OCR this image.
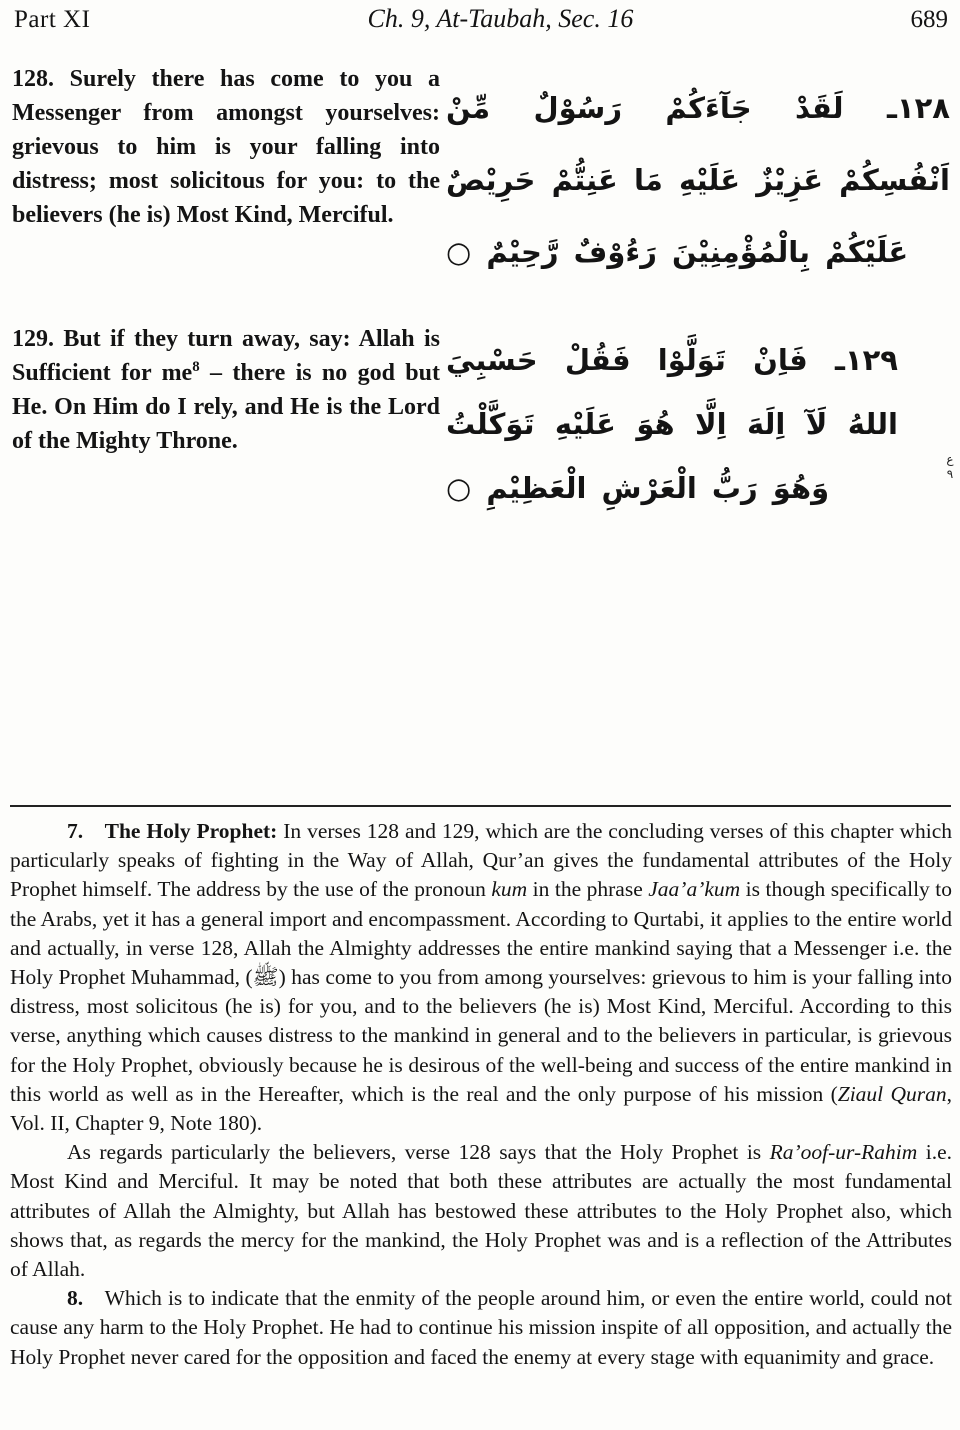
Part XI	Ch. 9, At-Taubah, Sec. 16	689
128. Surely there has come to you a Messenger from amongst yourselves: grievous to him is your falling into distress; most solicitous for you: to the believers (he is) Most Kind, Merciful.
١٢٨ـ لَقَدْ جَآءَكُمْ رَسُوْلٌ مِّنْ اَنْفُسِكُمْ عَزِيْزٌ عَلَيْهِ مَا عَنِتُّمْ حَرِيْصٌ عَلَيْكُمْ بِالْمُؤْمِنِيْنَ رَءُوْفٌ رَّحِيْمٌ ○
129. But if they turn away, say: Allah is Sufficient for $me^8$ – there is no god but He. On Him do I rely, and He is the Lord of the Mighty Throne.
١٢٩ـ فَاِنْ تَوَلَّوْا فَقُلْ حَسْبِيَ اللهُ لَآ اِلَهَ اِلَّا هُوَ عَلَيْهِ تَوَكَّلْتُ وَهُوَ رَبُّ الْعَرْشِ الْعَظِيْمِ ○
ع
٩

7. The Holy Prophet: In verses 128 and 129, which are the concluding verses of this chapter which particularly speaks of fighting in the Way of Allah, Qur’an gives the fundamental attributes of the Holy Prophet himself. The address by the use of the pronoun kum in the phrase Jaa’a’kum is though specifically to the Arabs, yet it has a general import and encompassment. According to Qurtabi, it applies to the entire world and actually, in verse 128, Allah the Almighty addresses the entire mankind saying that a Messenger i.e. the Holy Prophet Muhammad, (ﷺ) has come to you from among yourselves: grievous to him is your falling into distress, most solicitous (he is) for you, and to the believers (he is) Most Kind, Merciful. According to this verse, anything which causes distress to the mankind in general and to the believers in particular, is grievous for the Holy Prophet, obviously because he is desirous of the well-being and success of the entire mankind in this world as well as in the Hereafter, which is the real and the only purpose of his mission (Ziaul Quran, Vol. II, Chapter 9, Note 180).

As regards particularly the believers, verse 128 says that the Holy Prophet is Ra’oof-ur-Rahim i.e. Most Kind and Merciful. It may be noted that both these attributes are actually the most fundamental attributes of Allah the Almighty, but Allah has bestowed these attributes to the Holy Prophet also, which shows that, as regards the mercy for the mankind, the Holy Prophet was and is a reflection of the Attributes of Allah.

8. Which is to indicate that the enmity of the people around him, or even the entire world, could not cause any harm to the Holy Prophet. He had to continue his mission inspite of all opposition, and actually the Holy Prophet never cared for the opposition and faced the enemy at every stage with equanimity and grace.
